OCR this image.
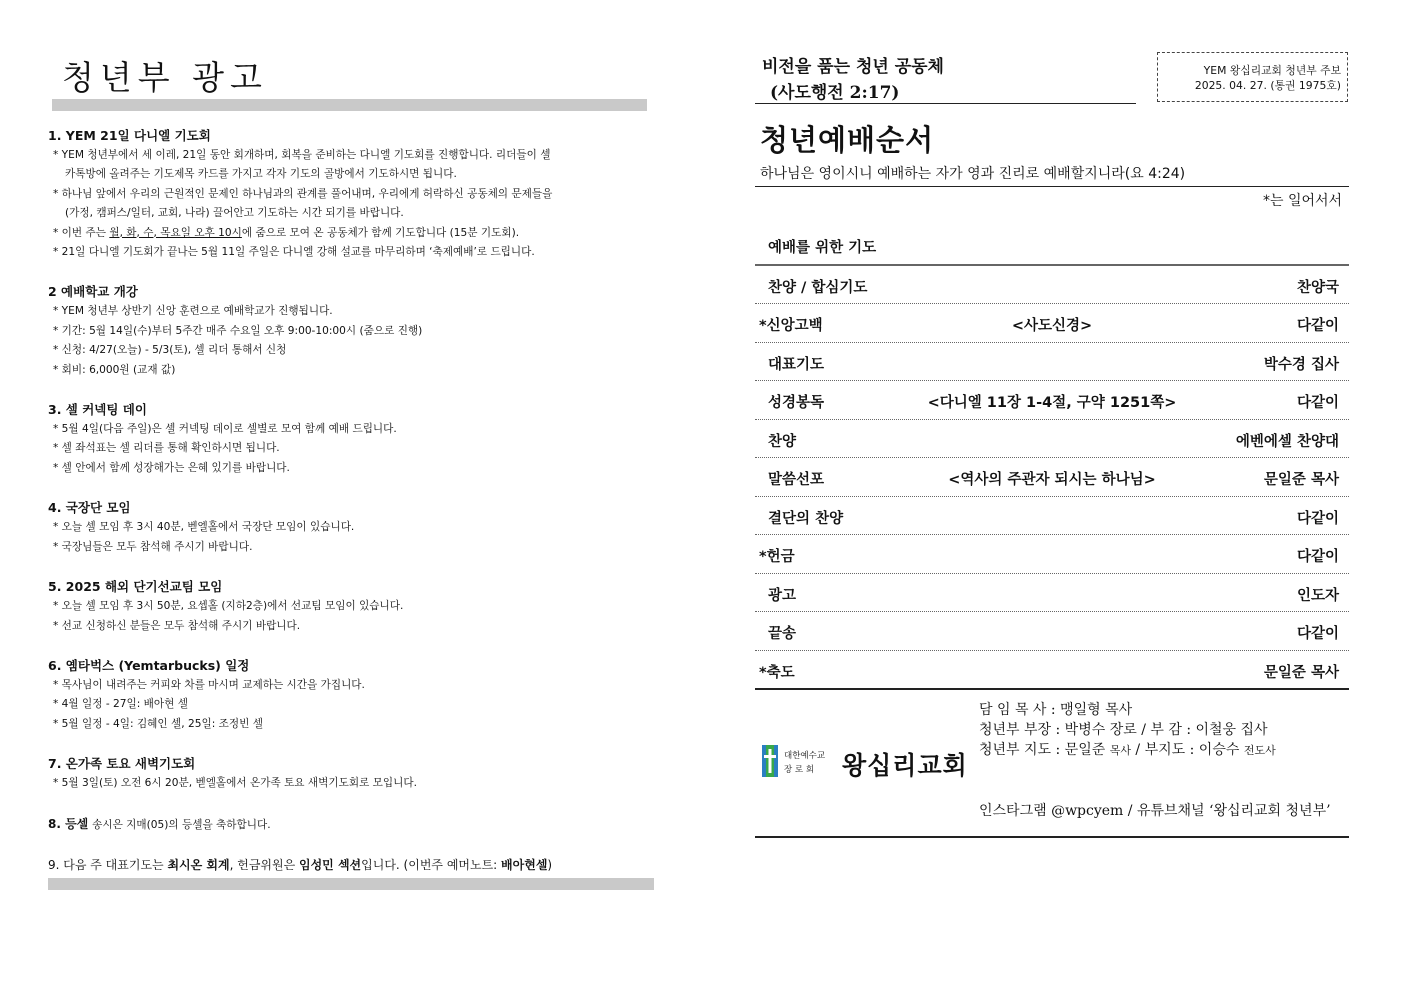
청년부 광고
1. YEM 21일 다니엘 기도회
* YEM 청년부에서 세 이레, 21일 동안 회개하며, 회복을 준비하는 다니엘 기도회를 진행합니다. 리더들이 셀
카톡방에 올려주는 기도제목 카드를 가지고 각자 기도의 골방에서 기도하시면 됩니다.
* 하나님 앞에서 우리의 근원적인 문제인 하나님과의 관계를 풀어내며, 우리에게 허락하신 공동체의 문제들을
(가정, 캠퍼스/일터, 교회, 나라) 끌어안고 기도하는 시간 되기를 바랍니다.
* 이번 주는 월, 화, 수, 목요일 오후 10시에 줌으로 모여 온 공동체가 함께 기도합니다 (15분 기도회).
* 21일 다니엘 기도회가 끝나는 5월 11일 주일은 다니엘 강해 설교를 마무리하며 ‘축제예배’로 드립니다.
2 예배학교 개강
* YEM 청년부 상반기 신앙 훈련으로 예배학교가 진행됩니다.
* 기간: 5월 14일(수)부터 5주간 매주 수요일 오후 9:00-10:00시 (줌으로 진행)
* 신청: 4/27(오늘) - 5/3(토), 셀 리더 통해서 신청
* 회비: 6,000원 (교재 값)
3. 셀 커넥팅 데이
* 5월 4일(다음 주일)은 셀 커넥팅 데이로 셀별로 모여 함께 예배 드립니다.
* 셀 좌석표는 셀 리더를 통해 확인하시면 됩니다.
* 셀 안에서 함께 성장해가는 은혜 있기를 바랍니다.
4. 국장단 모임
* 오늘 셀 모임 후 3시 40분, 벧엘홀에서 국장단 모임이 있습니다.
* 국장님들은 모두 참석해 주시기 바랍니다.
5. 2025 해외 단기선교팀 모임
* 오늘 셀 모임 후 3시 50분, 요셉홀 (지하2층)에서 선교팀 모임이 있습니다.
* 선교 신청하신 분들은 모두 참석해 주시기 바랍니다.
6. 옘타벅스 (Yemtarbucks) 일정
* 목사님이 내려주는 커피와 차를 마시며 교제하는 시간을 가집니다.
* 4월 일정 - 27일: 배아현 셀
* 5월 일정 - 4일: 김혜인 셀, 25일: 조정빈 셀
7. 온가족 토요 새벽기도회
* 5월 3일(토) 오전 6시 20분, 벧엘홀에서 온가족 토요 새벽기도회로 모입니다.
8. 등셀 송시은 지매(05)의 등셀을 축하합니다.
9. 다음 주 대표기도는 최시온 회계, 헌금위원은 임성민 섹션입니다. (이번주 예머노트: 배아현셀)
비전을 품는 청년 공동체
(사도행전 2:17)
YEM 왕십리교회 청년부 주보
2025. 04. 27. (통권 1975호)
청년예배순서
하나님은 영이시니 예배하는 자가 영과 진리로 예배할지니라(요 4:24)
*는 일어서서
예배를 위한 기도
찬양 / 합심기도	찬양국
*신앙고백	<사도신경>	다같이
대표기도	박수경 집사
성경봉독	<다니엘 11장 1-4절, 구약 1251쪽>	다같이
찬양	에벤에셀 찬양대
말씀선포	<역사의 주관자 되시는 하나님>	문일준 목사
결단의 찬양	다같이
*헌금	다같이
광고	인도자
끝송	다같이
*축도	문일준 목사
대한예수교
장 로 회	왕십리교회
담 임 목 사 : 맹일형 목사
청년부 부장 : 박병수 장로 / 부 감 : 이철웅 집사
청년부 지도 : 문일준 목사 / 부지도 : 이승수 전도사
인스타그램 @wpcyem / 유튜브채널 ‘왕십리교회 청년부’
